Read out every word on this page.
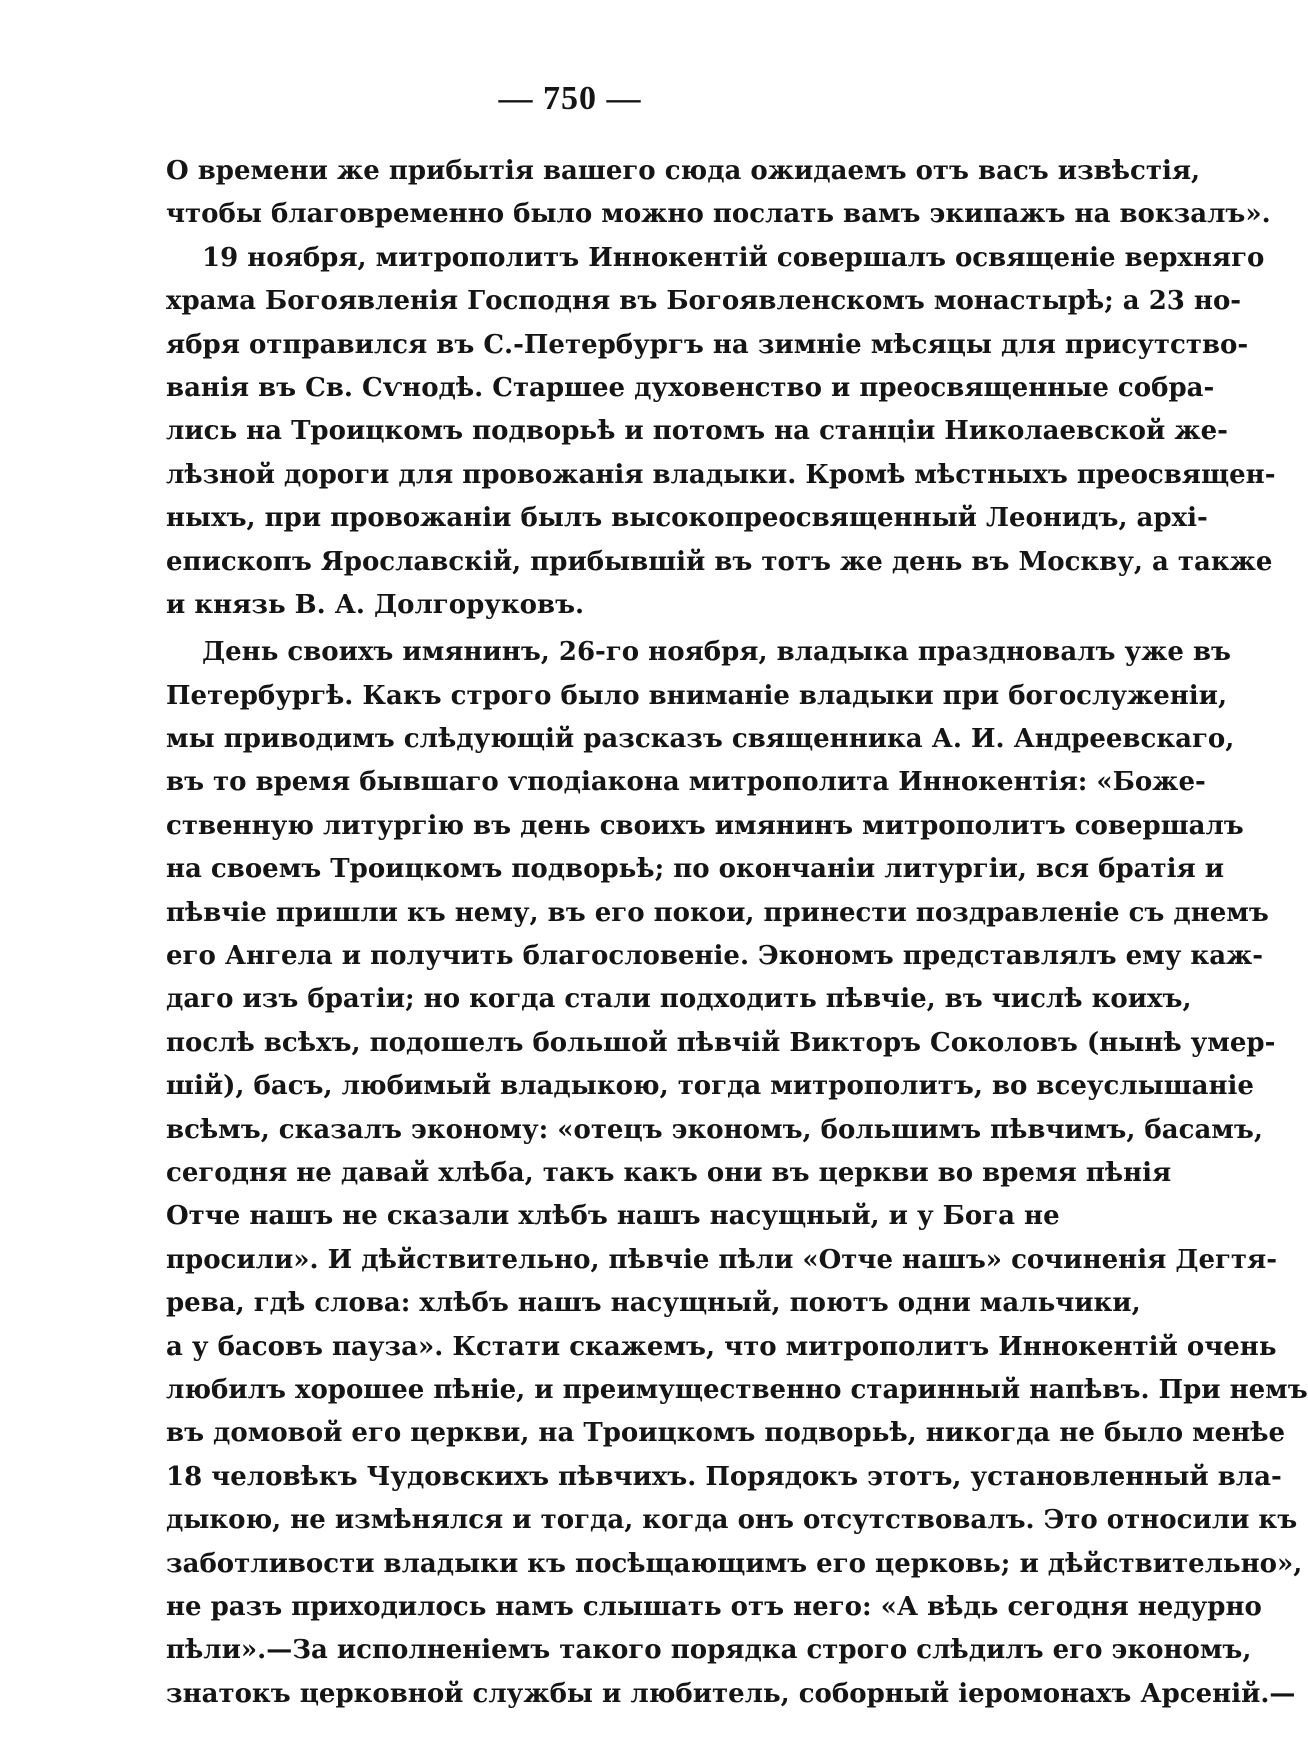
— 750 —
О времени же прибытія вашего сюда ожидаемъ отъ васъ извѣстія,
чтобы благовременно было можно послать вамъ экипажъ на вокзалъ».
19 ноября, митрополитъ Иннокентій совершалъ освященіе верхняго
храма Богоявленія Господня въ Богоявленскомъ монастырѣ; а 23 но-
ября отправился въ С.-Петербургъ на зимніе мѣсяцы для присутство-
ванія въ Св. Сѵнодѣ. Старшее духовенство и преосвященные собра-
лись на Троицкомъ подворьѣ и потомъ на станціи Николаевской же-
лѣзной дороги для провожанія владыки. Кромѣ мѣстныхъ преосвящен-
ныхъ, при провожаніи былъ высокопреосвященный Леонидъ, архі-
епископъ Ярославскій, прибывшій въ тотъ же день въ Москву, а также
и князь В. А. Долгоруковъ.
День своихъ имянинъ, 26-го ноября, владыка праздновалъ уже въ
Петербургѣ. Какъ строго было вниманіе владыки при богослуженіи,
мы приводимъ слѣдующій разсказъ священника А. И. Андреевскаго,
въ то время бывшаго ѵподіакона митрополита Иннокентія: «Боже-
ственную литургію въ день своихъ имянинъ митрополитъ совершалъ
на своемъ Троицкомъ подворьѣ; по окончаніи литургіи, вся братія и
пѣвчіе пришли къ нему, въ его покои, принести поздравленіе съ днемъ
его Ангела и получить благословеніе. Экономъ представлялъ ему каж-
даго изъ братіи; но когда стали подходить пѣвчіе, въ числѣ коихъ,
послѣ всѣхъ, подошелъ большой пѣвчій Викторъ Соколовъ (нынѣ умер-
шій), басъ, любимый владыкою, тогда митрополитъ, во всеуслышаніе
всѣмъ, сказалъ эконому: «отецъ экономъ, большимъ пѣвчимъ, басамъ,
сегодня не давай хлѣба, такъ какъ они въ церкви во время пѣнія
Отче нашъ не сказали хлѣбъ нашъ насущный, и у Бога не
просили». И дѣйствительно, пѣвчіе пѣли «Отче нашъ» сочиненія Дегтя-
рева, гдѣ слова: хлѣбъ нашъ насущный, поютъ одни мальчики,
а у басовъ пауза». Кстати скажемъ, что митрополитъ Иннокентій очень
любилъ хорошее пѣніе, и преимущественно старинный напѣвъ. При немъ
въ домовой его церкви, на Троицкомъ подворьѣ, никогда не было менѣе
18 человѣкъ Чудовскихъ пѣвчихъ. Порядокъ этотъ, установленный вла-
дыкою, не измѣнялся и тогда, когда онъ отсутствовалъ. Это относили къ
заботливости владыки къ посѣщающимъ его церковь; и дѣйствительно»,
не разъ приходилось намъ слышать отъ него: «А вѣдь сегодня недурно
пѣли».—За исполненіемъ такого порядка строго слѣдилъ его экономъ,
знатокъ церковной службы и любитель, соборный іеромонахъ Арсеній.—
